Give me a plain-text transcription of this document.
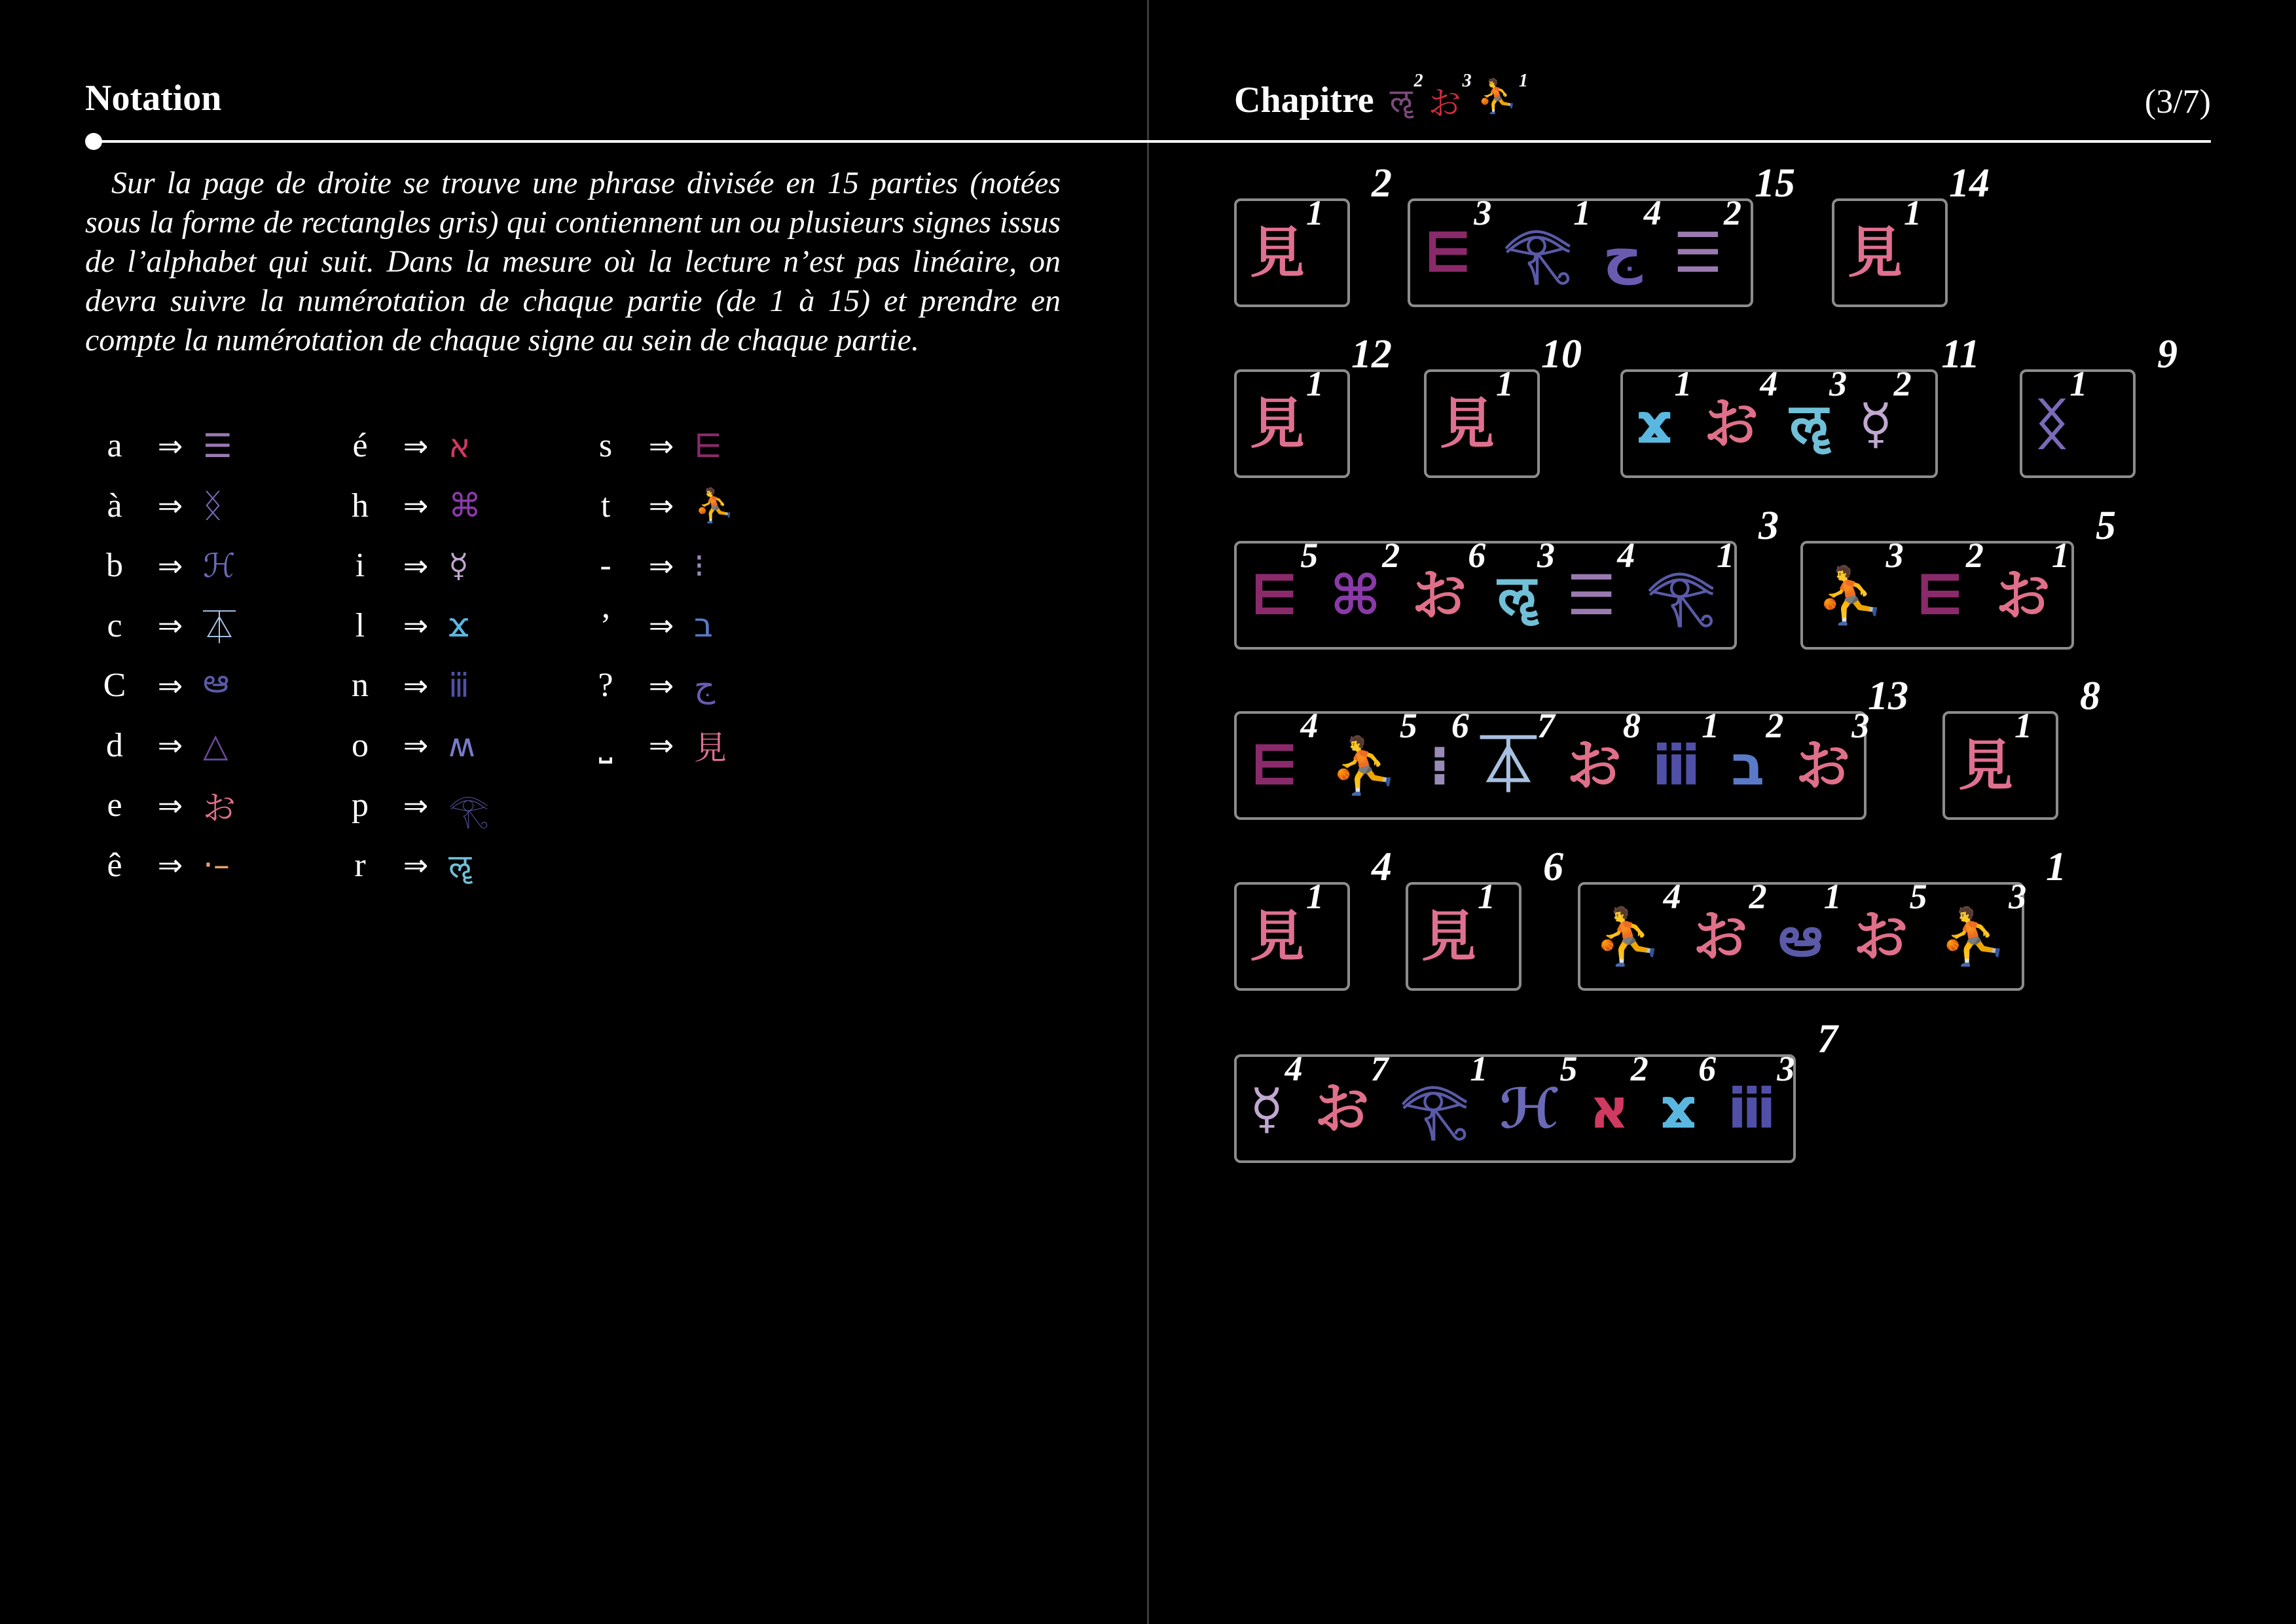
Notation	Chapitre ॡ
$^2$
お
$^3$ ⛹$^1$
(3/7)
Sur la page de droite se trouve une phrase divisée en 15 parties (notées sous la forme de rectangles gris) qui contiennent un ou plusieurs signes issus de l’alphabet qui suit. Dans la mesure où la lecture n’est pas linéaire, on devra suivre la numérotation de chaque partie (de 1 à 15) et prendre en compte la numérotation de chaque signe au sein de chaque partie.
a	⇒ ☰
à	⇒ ᛝ
b	⇒ ℋ
c	⇒ ⏄
C	⇒ ఆ
d	⇒ △
e	⇒ お
ê	⇒ ·–
é	⇒ א
h	⇒ ⌘
i	⇒ ☿
l	⇒ ϫ
n	⇒ ⅲ
o	⇒ ʍ
p	⇒ 𓂀
r	⇒ ॡ
s	⇒ ⋿
t	⇒ ⛹
-	⇒ ⁝
’	⇒ ב
?	⇒ ج
⎵	⇒ 見
見
1
2
⋿
3
𓂀
1
ج
4
☰
2
15
見
1
14
見
1
12
見
1
10
ϫ
1
お
4
ॡ
3
☿
2
11
ᛝ
1
9
⋿
5
⌘
2
お
6
ॡ
3
☰
4
𓂀
1
3
⛹
3
⋿
2
お
1
5
⋿
4
⛹
5
⁝
6
⏄
7
お
8
ⅲ
1
ב
2
お
3
13
見
1
8
見
1
4
見
1
6
⛹
4
お
2
ఆ
1
お
5
⛹
3
1
☿
4
お
7
𓂀
1
ℋ
5
א
2
ϫ
6
ⅲ
3
7
